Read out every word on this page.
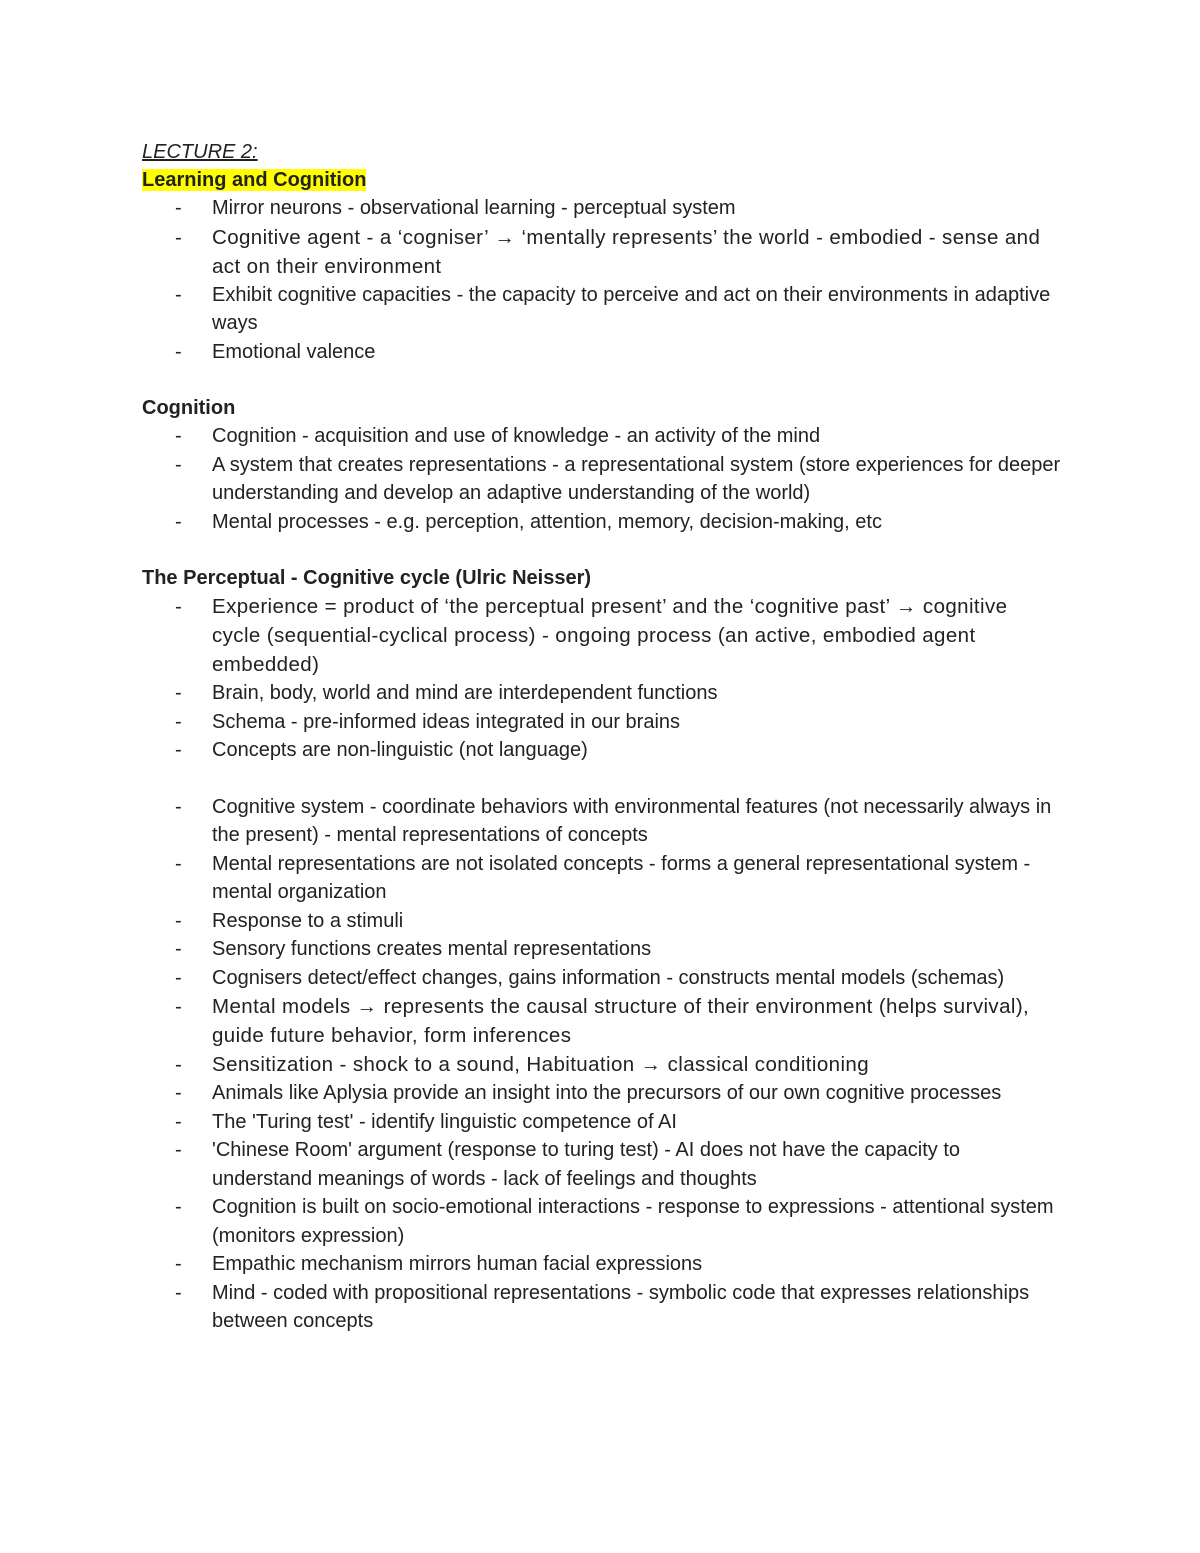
LECTURE 2:

Learning and Cognition

- Mirror neurons - observational learning - perceptual system
- Cognitive agent - a ‘cogniser’ → ‘mentally represents’ the world - embodied - sense and act on their environment
- Exhibit cognitive capacities - the capacity to perceive and act on their environments in adaptive ways
- Emotional valence

Cognition

- Cognition - acquisition and use of knowledge - an activity of the mind
- A system that creates representations - a representational system (store experiences for deeper understanding and develop an adaptive understanding of the world)
- Mental processes - e.g. perception, attention, memory, decision-making, etc

The Perceptual - Cognitive cycle (Ulric Neisser)

- Experience = product of ‘the perceptual present’ and the ‘cognitive past’ → cognitive cycle (sequential-cyclical process) - ongoing process (an active, embodied agent embedded)
- Brain, body, world and mind are interdependent functions
- Schema - pre-informed ideas integrated in our brains
- Concepts are non-linguistic (not language)
- Cognitive system - coordinate behaviors with environmental features (not necessarily always in the present) - mental representations of concepts
- Mental representations are not isolated concepts - forms a general representational system - mental organization
- Response to a stimuli
- Sensory functions creates mental representations
- Cognisers detect/effect changes, gains information - constructs mental models (schemas)
- Mental models → represents the causal structure of their environment (helps survival), guide future behavior, form inferences
- Sensitization - shock to a sound, Habituation → classical conditioning
- Animals like Aplysia provide an insight into the precursors of our own cognitive processes
- The 'Turing test' - identify linguistic competence of AI
- 'Chinese Room' argument (response to turing test) - AI does not have the capacity to understand meanings of words - lack of feelings and thoughts
- Cognition is built on socio-emotional interactions - response to expressions - attentional system (monitors expression)
- Empathic mechanism mirrors human facial expressions
- Mind - coded with propositional representations - symbolic code that expresses relationships between concepts
